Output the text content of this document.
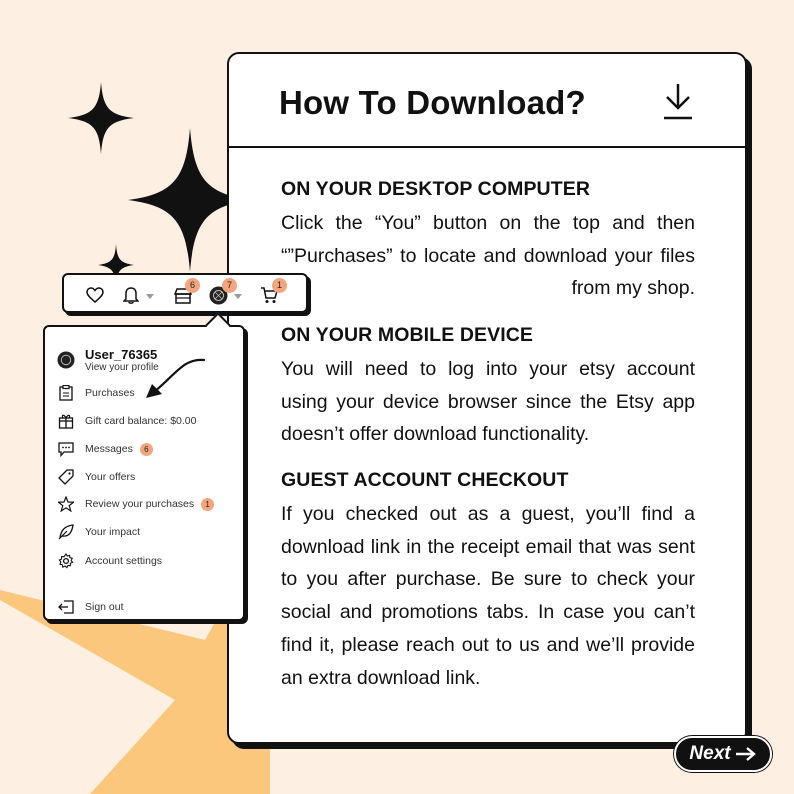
How To Download?
ON YOUR DESKTOP COMPUTER

Click the “You” button on the top and then “”Purchases” to locate and download your files from my shop.

ON YOUR MOBILE DEVICE

You will need to log into your etsy account using your device browser since the Etsy app doesn’t offer download functionality.

GUEST ACCOUNT CHECKOUT

If you checked out as a guest, you’ll find a download link in the receipt email that was sent to you after purchase. Be sure to check your social and promotions tabs. In case you can’t find it, please reach out to us and we’ll provide an extra download link.

6	7	1
User_76365
View your profile
Purchases
Gift card balance: $0.00
Messages	6
Your offers
Review your purchases	1
Your impact
Account settings
Sign out
Next
